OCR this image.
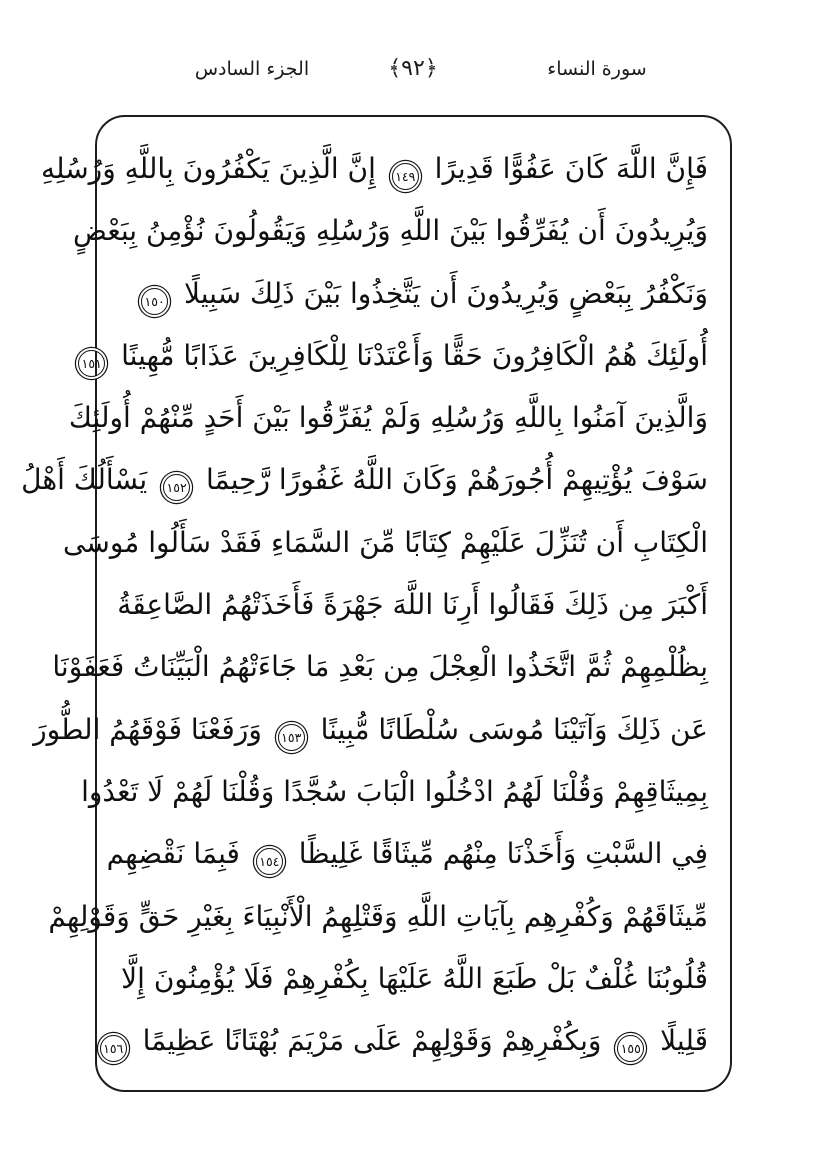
الجزء السادس	﴿٩٢﴾	سورة النساء
فَإِنَّ اللَّهَ كَانَ عَفُوًّا قَدِيرًا ١٤٩ إِنَّ الَّذِينَ يَكْفُرُونَ بِاللَّهِ وَرُسُلِهِ
وَيُرِيدُونَ أَن يُفَرِّقُوا بَيْنَ اللَّهِ وَرُسُلِهِ وَيَقُولُونَ نُؤْمِنُ بِبَعْضٍ
وَنَكْفُرُ بِبَعْضٍ وَيُرِيدُونَ أَن يَتَّخِذُوا بَيْنَ ذَلِكَ سَبِيلًا ١٥٠
أُولَئِكَ هُمُ الْكَافِرُونَ حَقًّا وَأَعْتَدْنَا لِلْكَافِرِينَ عَذَابًا مُّهِينًا ١٥١
وَالَّذِينَ آمَنُوا بِاللَّهِ وَرُسُلِهِ وَلَمْ يُفَرِّقُوا بَيْنَ أَحَدٍ مِّنْهُمْ أُولَئِكَ
سَوْفَ يُؤْتِيهِمْ أُجُورَهُمْ وَكَانَ اللَّهُ غَفُورًا رَّحِيمًا ١٥٢ يَسْأَلُكَ أَهْلُ
الْكِتَابِ أَن تُنَزِّلَ عَلَيْهِمْ كِتَابًا مِّنَ السَّمَاءِ فَقَدْ سَأَلُوا مُوسَى
أَكْبَرَ مِن ذَلِكَ فَقَالُوا أَرِنَا اللَّهَ جَهْرَةً فَأَخَذَتْهُمُ الصَّاعِقَةُ
بِظُلْمِهِمْ ثُمَّ اتَّخَذُوا الْعِجْلَ مِن بَعْدِ مَا جَاءَتْهُمُ الْبَيِّنَاتُ فَعَفَوْنَا
عَن ذَلِكَ وَآتَيْنَا مُوسَى سُلْطَانًا مُّبِينًا ١٥٣ وَرَفَعْنَا فَوْقَهُمُ الطُّورَ
بِمِيثَاقِهِمْ وَقُلْنَا لَهُمُ ادْخُلُوا الْبَابَ سُجَّدًا وَقُلْنَا لَهُمْ لَا تَعْدُوا
فِي السَّبْتِ وَأَخَذْنَا مِنْهُم مِّيثَاقًا غَلِيظًا ١٥٤ فَبِمَا نَقْضِهِم
مِّيثَاقَهُمْ وَكُفْرِهِم بِآيَاتِ اللَّهِ وَقَتْلِهِمُ الْأَنْبِيَاءَ بِغَيْرِ حَقٍّ وَقَوْلِهِمْ
قُلُوبُنَا غُلْفٌ بَلْ طَبَعَ اللَّهُ عَلَيْهَا بِكُفْرِهِمْ فَلَا يُؤْمِنُونَ إِلَّا
قَلِيلًا ١٥٥ وَبِكُفْرِهِمْ وَقَوْلِهِمْ عَلَى مَرْيَمَ بُهْتَانًا عَظِيمًا ١٥٦
